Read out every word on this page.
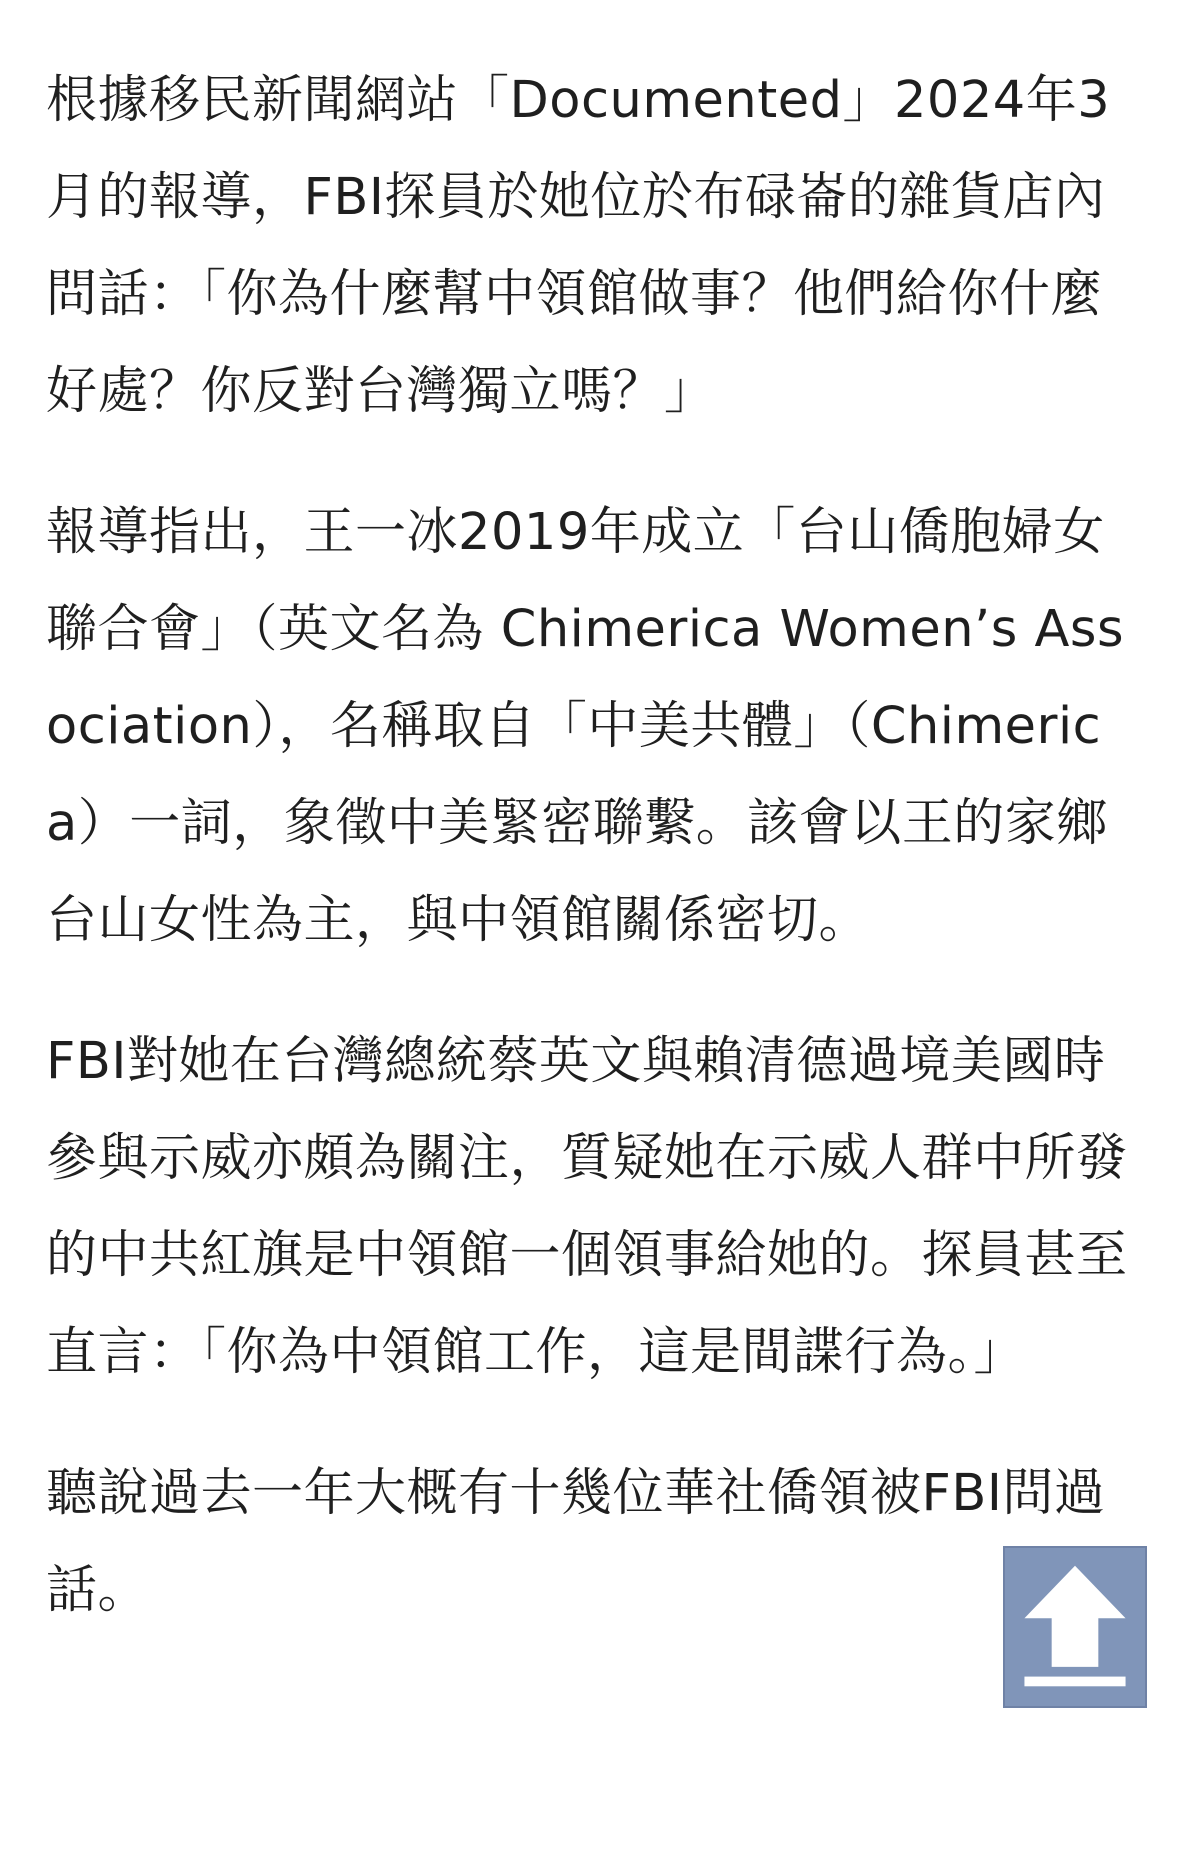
根據移民新聞網站「Documented」2024年3月的報導，FBI探員於她位於布碌崙的雜貨店內問話：「你為什麼幫中領館做事？他們給你什麼好處？你反對台灣獨立嗎？」

報導指出，王一冰2019年成立「台山僑胞婦女聯合會」（英文名為 Chimerica Women’s Association），名稱取自「中美共體」（Chimerica）一詞，象徵中美緊密聯繫。該會以王的家鄉台山女性為主，與中領館關係密切。

FBI對她在台灣總統蔡英文與賴清德過境美國時參與示威亦頗為關注，質疑她在示威人群中所發的中共紅旗是中領館一個領事給她的。探員甚至直言：「你為中領館工作，這是間諜行為。」

聽說過去一年大概有十幾位華社僑領被FBI問過話。
